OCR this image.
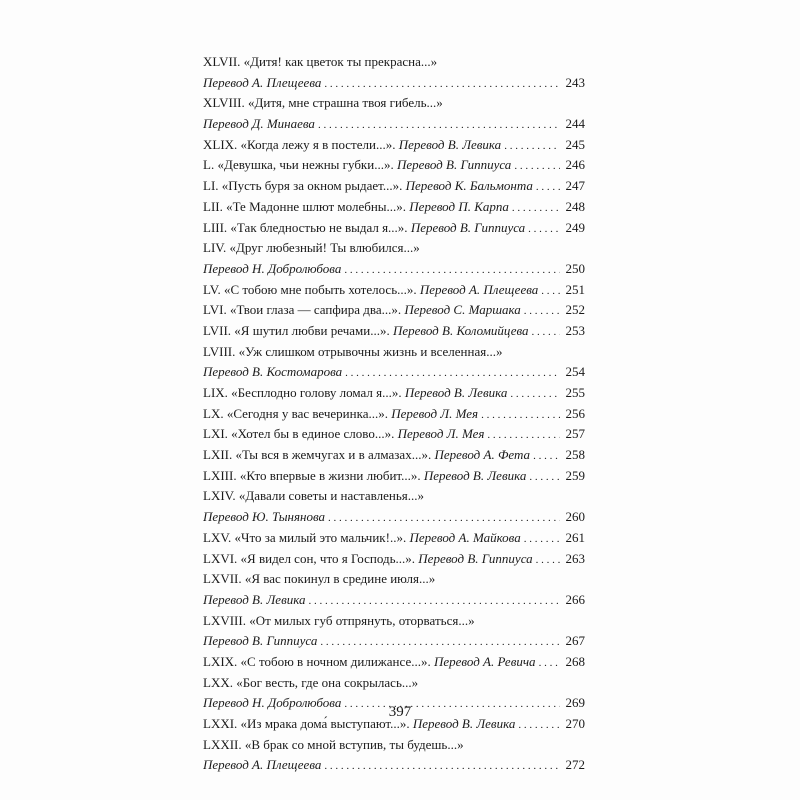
XLVII. «Дитя! как цветок ты прекрасна...»
Перевод А. Плещеева . . .	243
XLVIII. «Дитя, мне страшна твоя гибель...»
Перевод Д. Минаева . . .	244
XLIX. «Когда лежу я в постели...».
Перевод В. Левика . . .	245
L. «Девушка, чьи нежны губки...».
Перевод В. Гиппиуса . . .	246
LI. «Пусть буря за окном рыдает...».
Перевод К. Бальмонта . . .	247
LII. «Те Мадонне шлют молебны...».
Перевод П. Карпа . . .	248
LIII. «Так бледностью не выдал я...».
Перевод В. Гиппиуса . . .	249
LIV. «Друг любезный! Ты влюбился...»
Перевод Н. Добролюбова . . .	250
LV. «С тобою мне побыть хотелось...».
Перевод А. Плещеева . . . 251
LVI. «Твои глаза — сапфира два...».
Перевод С. Маршака . . .	252
LVII. «Я шутил любви речами...».
Перевод В. Коломийцева . . .	253
LVIII. «Уж слишком отрывочны жизнь и вселенная...»
Перевод В. Костомарова . . .	254
LIX. «Бесплодно голову ломал я...».
Перевод В. Левика . . .	255
LX. «Сегодня у вас вечеринка...».
Перевод Л. Мея . . .	256
LXI. «Хотел бы в единое слово...».
Перевод Л. Мея . . .	257
LXII. «Ты вся в жемчугах и в алмазах...».
Перевод А. Фета . . .	258
LXIII. «Кто впервые в жизни любит...».
Перевод В. Левика . . .	259
LXIV. «Давали советы и наставленья...»
Перевод Ю. Тынянова . . .	260
LXV. «Что за милый это мальчик!..».
Перевод А. Майкова . . .	261
LXVI. «Я видел сон, что я Господь...».
Перевод В. Гиппиуса . . .	263
LXVII. «Я вас покинул в средине июля...»
Перевод В. Левика . . .	266
LXVIII. «От милых губ отпрянуть, оторваться...»
Перевод В. Гиппиуса . . .	267
LXIX. «С тобою в ночном дилижансе...».
Перевод А. Ревича . . . 268
LXX. «Бог весть, где она сокрылась...»
Перевод Н. Добролюбова . . .	269
LXXI. «Из мрака дома́ выступают...».
Перевод В. Левика . . .	270
LXXII. «В брак со мной вступив, ты будешь...»
Перевод А. Плещеева . . .	272
397
